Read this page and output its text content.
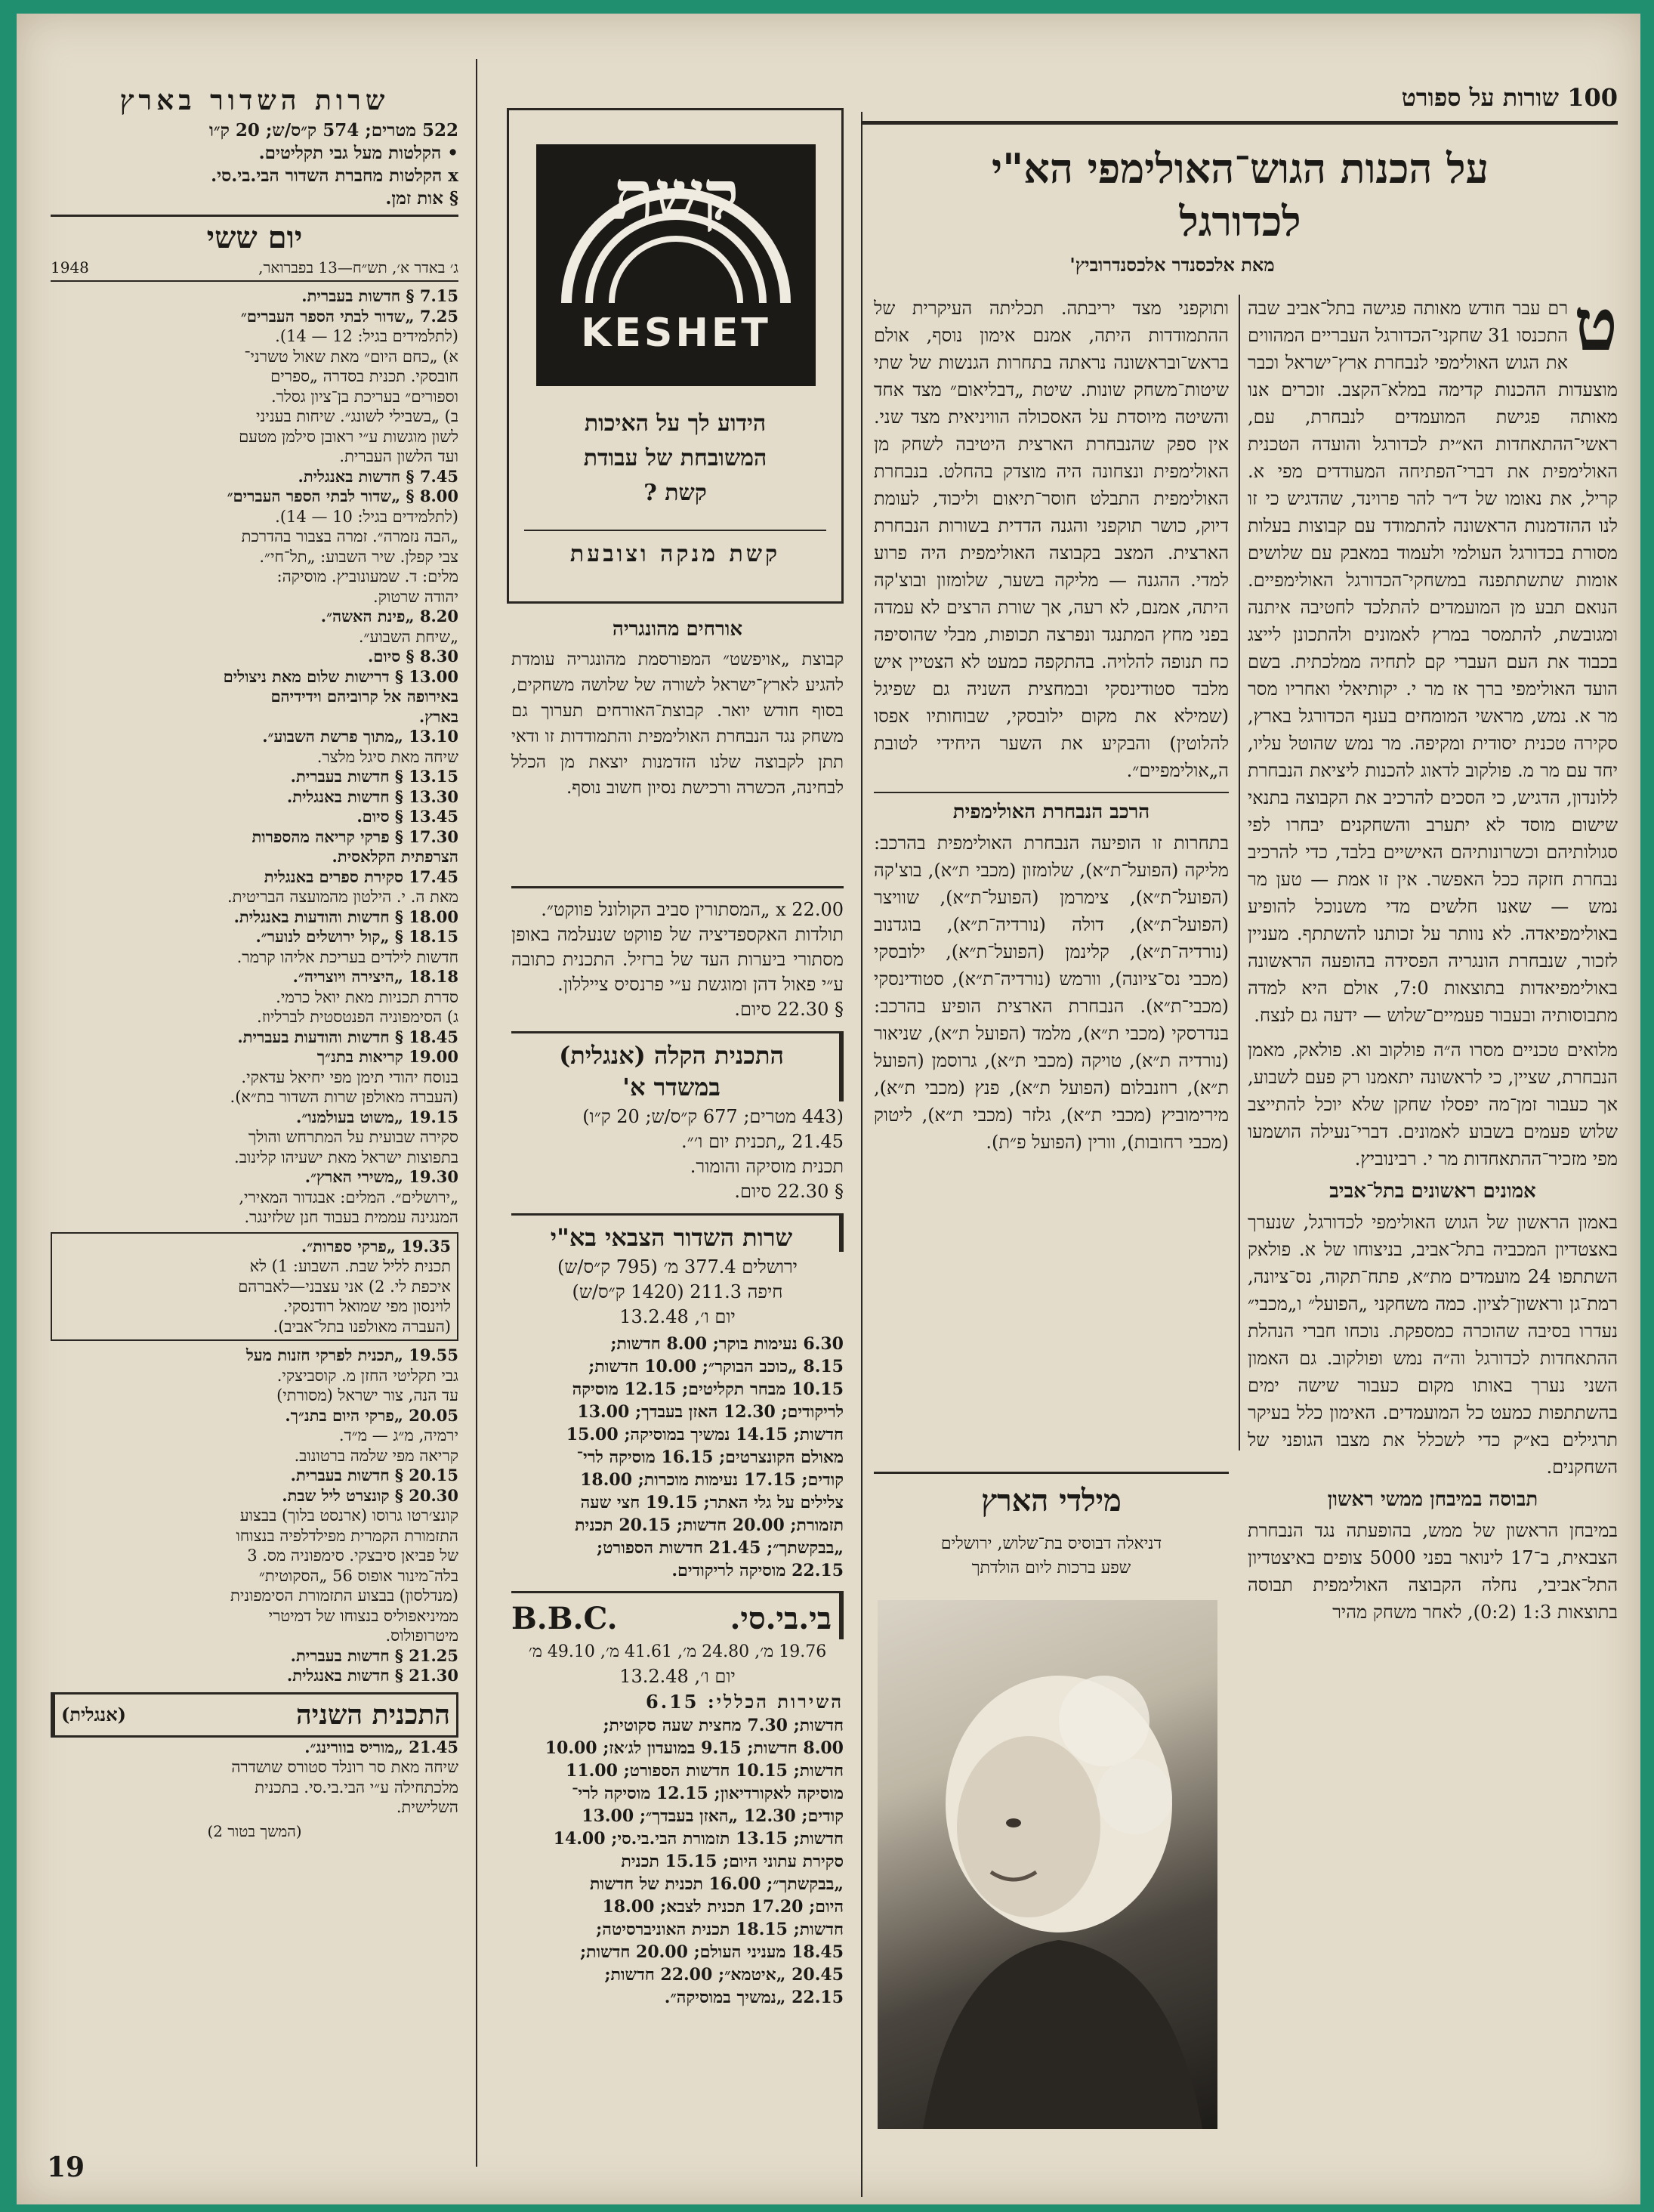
100 שורות על ספורט
על הכנות הגוש־האולימפי הא"י
לכדורגל
מאת אלכסנדר אלכסנדרוביץ'

ט
רם עבר חודש מאותה פגישה בתל־אביב שבה התכנסו 31 שחקני־הכדורגל העבריים המהווים את הגוש האולימפי לנבחרת ארץ־ישראל וכבר מוצעדות ההכנות קדימה במלא־הקצב. זוכרים אנו מאותה פגישת המועמדים לנבחרת, עם, ראשי־ההתאחדות הא״ית לכדורגל והועדה הטכנית האולימפית את דברי־הפתיחה המעודדים מפי א. קריל, את נאומו של ד״ר להר פרוינד, שהדגיש כי זו לנו ההזדמנות הראשונה להתמודד עם קבוצות בעלות מסורת בכדורגל העולמי ולעמוד במאבק עם שלושים אומות שתשתתפנה במשחקי־הכדורגל האולימפיים. הנואם תבע מן המועמדים להתלכד לחטיבה איתנה ומגובשת, להתמסר במרץ לאמונים ולהתכונן לייצג בכבוד את העם העברי קם לתחיה ממלכתית. בשם הועד האולימפי ברך אז מר י. יקותיאלי ואחריו מסר מר א. נמש, מראשי המומחים בענף הכדורגל בארץ, סקירה טכנית יסודית ומקיפה. מר נמש שהוטל עליו, יחד עם מר מ. פולקוב לדאוג להכנות ליציאת הנבחרת ללונדון, הדגיש, כי הסכים להרכיב את הקבוצה בתנאי שישום מוסד לא יתערב והשחקנים יבחרו לפי סגולותיהם וכשרונותיהם האישיים בלבד, כדי להרכיב נבחרת חזקה ככל האפשר. אין זו אמת — טען מר נמש — שאנו חלשים מדי משנוכל להופיע באולימפיאדה. לא נוותר על זכותנו להשתתף. מעניין לזכור, שנבחרת הונגריה הפסידה בהופעה הראשונה באולימפיאדות בתוצאות 7:0, אולם היא למדה מתבוסותיה ובעבור פעמיים־שלוש — ידעה גם לנצח.

מלואים טכניים מסרו ה״ה פולקוב וא. פולאק, מאמן הנבחרת, שציין, כי לראשונה יתאמנו רק פעם לשבוע, אך כעבור זמן־מה יפסלו שחקן שלא יוכל להתייצב שלוש פעמים בשבוע לאמונים. דברי־נעילה הושמעו מפי מזכיר־ההתאחדות מר י. רבינוביץ.

אמונים ראשונים בתל־אביב

באמון הראשון של הגוש האולימפי לכדורגל, שנערך באצטדיון המכביה בתל־אביב, בניצוחו של א. פולאק השתתפו 24 מועמדים מת״א, פתח־תקוה, נס־ציונה, רמת־גן וראשון־לציון. כמה משחקני „הפועל״ ו„מכבי״ נעדרו בסיבה שהוכרה כמספקת. נוכחו חברי הנהלת ההתאחדות לכדורגל וה״ה נמש ופולקוב. גם האמון השני נערך באותו מקום כעבור שישה ימים בהשתתפות כמעט כל המועמדים. האימון כלל בעיקר תרגילים בא״ק כדי לשכלל את מצבו הגופני של השחקנים.

תבוסה במיבחן ממשי ראשון

במיבחן הראשון של ממש, בהופעתה נגד הנבחרת הצבאית, ב־17 לינואר בפני 5000 צופים באיצטדיון התל־אביבי, נחלה הקבוצה האולימפית תבוסה בתוצאות 1:3 (0:2), לאחר משחק מהיר

ותוקפני מצד יריבתה. תכליתה העיקרית של ההתמודדות היתה, אמנם אימון נוסף, אולם בראש־ובראשונה נראתה בתחרות הגנשות של שתי שיטות־משחק שונות. שיטת „דבליאום״ מצד אחד והשיטה מיוסדת על האסכולה הוויניאית מצד שני. אין ספק שהנבחרת הארצית היטיבה לשחק מן האולימפית ונצחונה היה מוצדק בהחלט. בנבחרת האולימפית התבלט חוסר־תיאום וליכוד, לעומת דיוק, כושר תוקפני והגנה הדדית בשורות הנבחרת הארצית. המצב בקבוצה האולימפית היה פרוע למדי. ההגנה — מליקה בשער, שלומזון ובוצ'קה היתה, אמנם, לא רעה, אך שורת הרצים לא עמדה בפני מחץ המתנגד ונפרצה תכופות, מבלי שהוסיפה כח תנופה להלויה. בהתקפה כמעט לא הצטיין איש מלבד סטודינסקי ובמחצית השניה גם שפיגל (שמילא את מקום ילובסקי, שבוחותיו אפסו להלוטין) והבקיע את השער היחידי לטובת ה„אולימפיים״.

הרכב הנבחרת האולימפית

בתחרות זו הופיעה הנבחרת האולימפית בהרכב: מליקה (הפועל־ת״א), שלומזון (מכבי ת״א), בוצ'קה (הפועל־ת״א), צימרמן (הפועל־ת״א), שוויצר (הפועל־ת״א), דולה (נורדיה־ת״א), בוגדנוב (נורדיה־ת״א), קלינמן (הפועל־ת״א), ילובסקי (מכבי נס־ציונה), וורמש (נורדיה־ת״א), סטודינסקי (מכבי־ת״א). הנבחרת הארצית הופיע בהרכב: בנדרסקי (מכבי ת״א), מלמד (הפועל ת״א), שניאור (נורדיה ת״א), טויקה (מכבי ת״א), גרוסמן (הפועל ת״א), רוזנבלום (הפועל ת״א), פנץ (מכבי ת״א), מירימוביץ (מכבי ת״א), גלזר (מכבי ת״א), ליטוק (מכבי רחובות), וורין (הפועל פ״ת).

מילדי הארץ
דניאלה דבוסיס בת־שלוש, ירושלים
שפע ברכות ליום הולדתך
קשת
KESHET
הידוע לך על האיכות
המשובחת של עבודת
קשת ?
קשת מנקה וצובעת
אורחים מהונגריה

קבוצת „אויפשט״ המפורסמת מהונגריה עומדת להגיע לארץ־ישראל לשורה של שלושה משחקים, בסוף חודש יואר. קבוצת־האורחים תערוך גם משחק נגד הנבחרת האולימפית והתמודדות זו ודאי תתן לקבוצה שלנו הזדמנות יוצאת מן הכלל לבחינה, הכשרה ורכישת נסיון חשוב נוסף.

x 22.00 „המסתורין סביב הקולונל פווקט״.
תולדות האקספדיציה של פווקט שנעלמה באופן מסתורי ביערות העד של ברזיל. התכנית כתובה ע״י פאול דהן ומוגשת ע״י פרנסיס צייללון.
§ 22.30 סיום.
התכנית הקלה (אנגלית)
במשדר א'
(443 מטרים; 677 ק״ס/ש; 20 ק״ו)
21.45 „תכנית יום ו׳״.
תכנית מוסיקה והומור.
§ 22.30 סיום.
שרות השדור הצבאי בא"י
ירושלים 377.4 מ׳ (795 ק״ס/ש)
חיפה 211.3 (1420 ק״ס/ש)
יום ו׳, 13.2.48
6.30 נעימות בוקר; 8.00 חדשות;
8.15 „כוכב הבוקר״; 10.00 חדשות;
10.15 מבחר תקליטים; 12.15 מוסיקה
לריקודים; 12.30 האזן בעבדך; 13.00
חדשות; 14.15 נמשיך במוסיקה; 15.00
מאולם הקונצרטים; 16.15 מוסיקה לרי־
קודים; 17.15 נעימות מוכרות; 18.00
צלילים על גלי האתר; 19.15 חצי שעה
תזמורת; 20.00 חדשות; 20.15 תכנית
„בבקשתך״; 21.45 חדשות הספורט;
22.15 מוסיקה לריקודים.
בי.בי.סי.
B.B.C.
19.76 מ׳, 24.80 מ׳, 41.61 מ׳, 49.10 מ׳
יום ו׳, 13.2.48
השירות הכללי: 6.15
חדשות; 7.30 מחצית שעה סקוטית;
8.00 חדשות; 9.15 במועדון לג׳אז; 10.00
חדשות; 10.15 חדשות הספורט; 11.00
מוסיקה לאקורדיאון; 12.15 מוסיקה לרי־
קודים; 12.30 „האזן בעבדך״; 13.00
חדשות; 13.15 תזמורת הבי.בי.סי; 14.00
סקירת עתוני היום; 15.15 תכנית
„בבקשתך״; 16.00 תכנית של חדשות
היום; 17.20 תכנית לצבא; 18.00
חדשות; 18.15 תכנית האוניברסיטה;
18.45 מעניני העולם; 20.00 חדשות;
20.45 „איטמא״; 22.00 חדשות;
22.15 „נמשיך במוסיקה״.
שרות השדור בארץ
522 מטרים; 574 ק״ס/ש; 20 ק״ו
• הקלטות מעל גבי תקליטים.
x הקלטות מחברת השדור הבי.בי.סי.
§ אות זמן.
יום ששי
ג׳ באדר א׳, תש״ח—13 בפברואר,
1948
7.15 § חדשות בעברית.
7.25 „שדור לבתי הספר העברים״
(לתלמידים בגיל: 12 — 14).
א) „כחם היום״ מאת שאול טשרני־
חובסקי. תכנית בסדרה „ספרים
וספורים״ בעריכת בן־ציון גסלר.
ב) „בשבילי לשונג״. שיחות בעניני
לשון מוגשות ע״י ראובן סילמן מטעם
ועד הלשון העברית.
7.45 § חדשות באנגלית.
8.00 § „שדור לבתי הספר העברים״
(לתלמידים בגיל: 10 — 14).
„הבה נזמרה״. זמרה בצבור בהדרכת
צבי קפלן. שיר השבוע: „תל־חי״.
מלים: ד. שמעונוביץ. מוסיקה:
יהודה שרטוק.
8.20 „פינת האשה״.
„שיחת השבוע״.
8.30 § סיום.
13.00 § דרישות שלום מאת ניצולים
באירופה אל קרוביהם וידידיהם
בארץ.
13.10 „מתוך פרשת השבוע״.
שיחה מאת סיגל מלצר.
13.15 § חדשות בעברית.
13.30 § חדשות באנגלית.
13.45 § סיום.
17.30 § פרקי קריאה מהספרות
הצרפתית הקלאסית.
17.45 סקירת ספרים באנגלית
מאת ה. י. הילטון מהמועצה הבריטית.
18.00 § חדשות והודעות באנגלית.
18.15 § „קול ירושלים לנוער״.
חדשות לילדים בעריכת אליהו קרמר.
18.18 „היצירה ויוצריה״.
סדרת תכניות מאת יואל כרמי.
ג) הסימפוניה הפנטסטית לברליוז.
18.45 § חדשות והודעות בעברית.
19.00 קריאות בתנ״ך
בנוסח יהודי תימן מפי יחיאל עדאקי.
(העברה מאולפן שרות השדור בת״א).
19.15 „משוט בעולמנו״.
סקירה שבועית על המתרחש והולך
בתפוצות ישראל מאת ישעיהו קלינוב.
19.30 „משירי הארץ״.
„ירושלים״. המלים: אבגדור המאירי,
המנגינה עממית בעבוד חנן שלזינגר.
19.35 „פרקי ספרות״.
תכנית לליל שבת. השבוע: 1) לא
איכפת לי. 2) אני עצבני—לאברהם
לוינסון מפי שמואל רודנסקי.
(העברה מאולפנו בתל־אביב).
19.55 „תכנית לפרקי חזנות מעל
גבי תקליטי החזן מ. קוסביצקי.
עד הנה, צור ישראל (מסורתי)
20.05 „פרקי היום בתנ״ך.
ירמיה, מ״ג — מ״ד.
קריאה מפי שלמה ברטונוב.
20.15 § חדשות בעברית.
20.30 § קונצרט ליל שבת.
קונצ׳רטו גרוסו (ארנסט בלוך) בבצוע
התזמורת הקמרית מפילדלפיה בנצוחו
של פביאן סיבצקי. סימפוניה מס. 3
בלה־מינור אופוס 56 „הסקוטית״
(מנדלסון) בבצוע התזמורת הסימפונית
ממיניאפוליס בנצוחו של דמיטרי
מיטרופולוס.
21.25 § חדשות בעברית.
21.30 § חדשות באנגלית.
התכנית השניה
(אנגלית)
21.45 „מוריס בוורינג״.
שיחה מאת סר רונלד סטורס שושדרה
מלכתחילה ע״י הבי.בי.סי. בתכנית
השלישית.
(המשך בטור 2)
19
